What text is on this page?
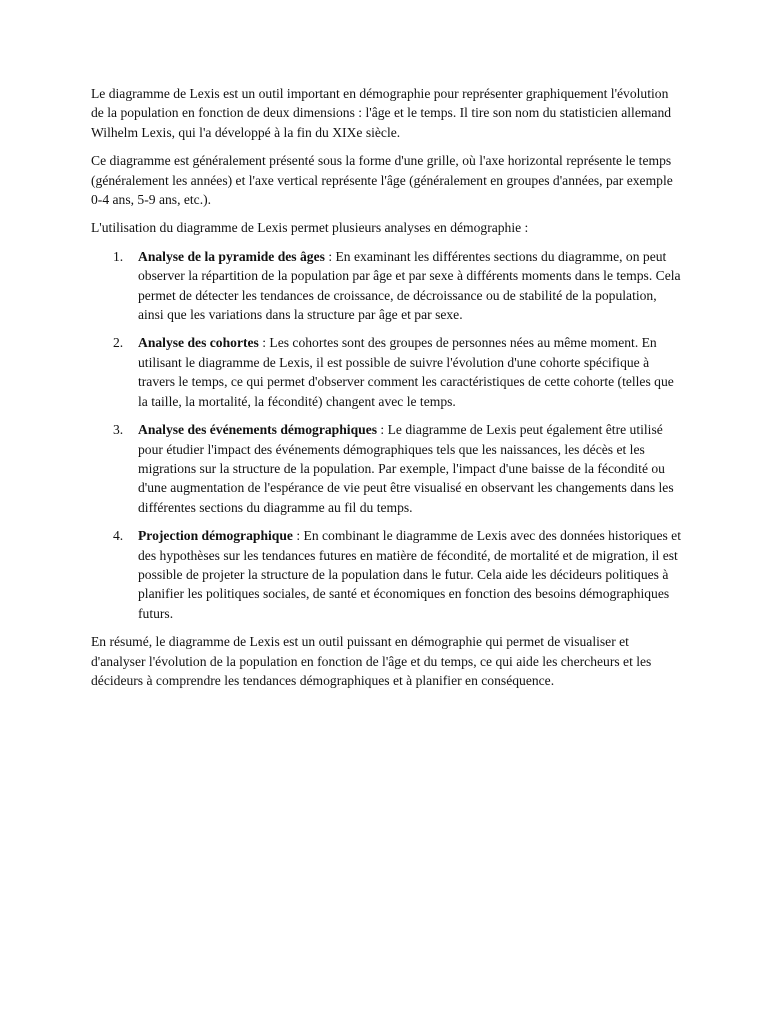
Le diagramme de Lexis est un outil important en démographie pour représenter graphiquement l'évolution de la population en fonction de deux dimensions : l'âge et le temps. Il tire son nom du statisticien allemand Wilhelm Lexis, qui l'a développé à la fin du XIXe siècle.

Ce diagramme est généralement présenté sous la forme d'une grille, où l'axe horizontal représente le temps (généralement les années) et l'axe vertical représente l'âge (généralement en groupes d'années, par exemple 0-4 ans, 5-9 ans, etc.).

L'utilisation du diagramme de Lexis permet plusieurs analyses en démographie :

1. Analyse de la pyramide des âges : En examinant les différentes sections du diagramme, on peut observer la répartition de la population par âge et par sexe à différents moments dans le temps. Cela permet de détecter les tendances de croissance, de décroissance ou de stabilité de la population, ainsi que les variations dans la structure par âge et par sexe.
2. Analyse des cohortes : Les cohortes sont des groupes de personnes nées au même moment. En utilisant le diagramme de Lexis, il est possible de suivre l'évolution d'une cohorte spécifique à travers le temps, ce qui permet d'observer comment les caractéristiques de cette cohorte (telles que la taille, la mortalité, la fécondité) changent avec le temps.
3. Analyse des événements démographiques : Le diagramme de Lexis peut également être utilisé pour étudier l'impact des événements démographiques tels que les naissances, les décès et les migrations sur la structure de la population. Par exemple, l'impact d'une baisse de la fécondité ou d'une augmentation de l'espérance de vie peut être visualisé en observant les changements dans les différentes sections du diagramme au fil du temps.
4. Projection démographique : En combinant le diagramme de Lexis avec des données historiques et des hypothèses sur les tendances futures en matière de fécondité, de mortalité et de migration, il est possible de projeter la structure de la population dans le futur. Cela aide les décideurs politiques à planifier les politiques sociales, de santé et économiques en fonction des besoins démographiques futurs.

En résumé, le diagramme de Lexis est un outil puissant en démographie qui permet de visualiser et d'analyser l'évolution de la population en fonction de l'âge et du temps, ce qui aide les chercheurs et les décideurs à comprendre les tendances démographiques et à planifier en conséquence.
